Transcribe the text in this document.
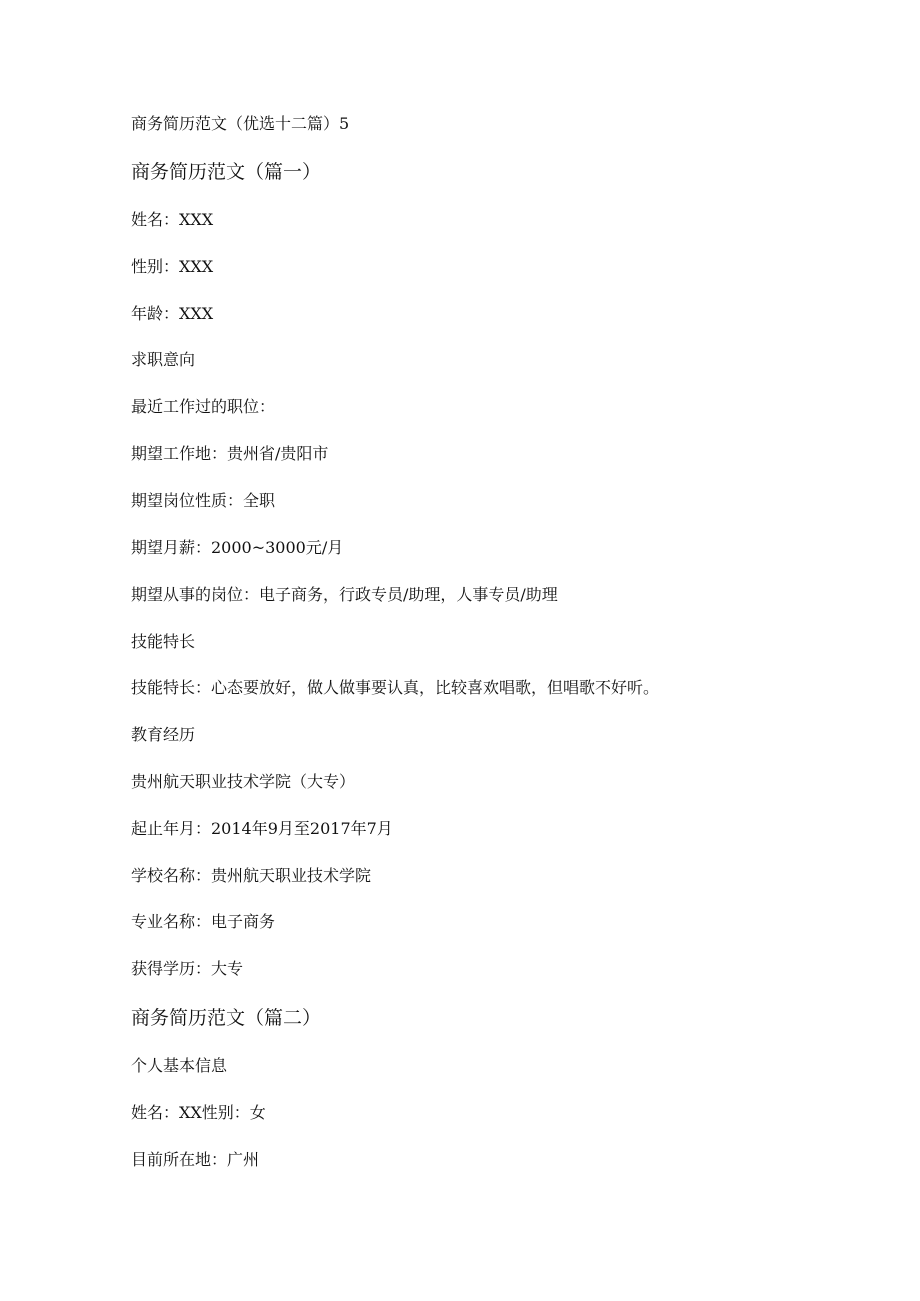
商务简历范文（优选十二篇）5
商务简历范文（篇一）
姓名：XXX
性别：XXX
年龄：XXX
求职意向
最近工作过的职位：
期望工作地：贵州省/贵阳市
期望岗位性质：全职
期望月薪：2000~3000元/月
期望从事的岗位：电子商务，行政专员/助理，人事专员/助理
技能特长
技能特长：心态要放好，做人做事要认真，比较喜欢唱歌，但唱歌不好听。
教育经历
贵州航天职业技术学院（大专）
起止年月：2014年9月至2017年7月
学校名称：贵州航天职业技术学院
专业名称：电子商务
获得学历：大专
商务简历范文（篇二）
个人基本信息
姓名：XX性别：女
目前所在地：广州
